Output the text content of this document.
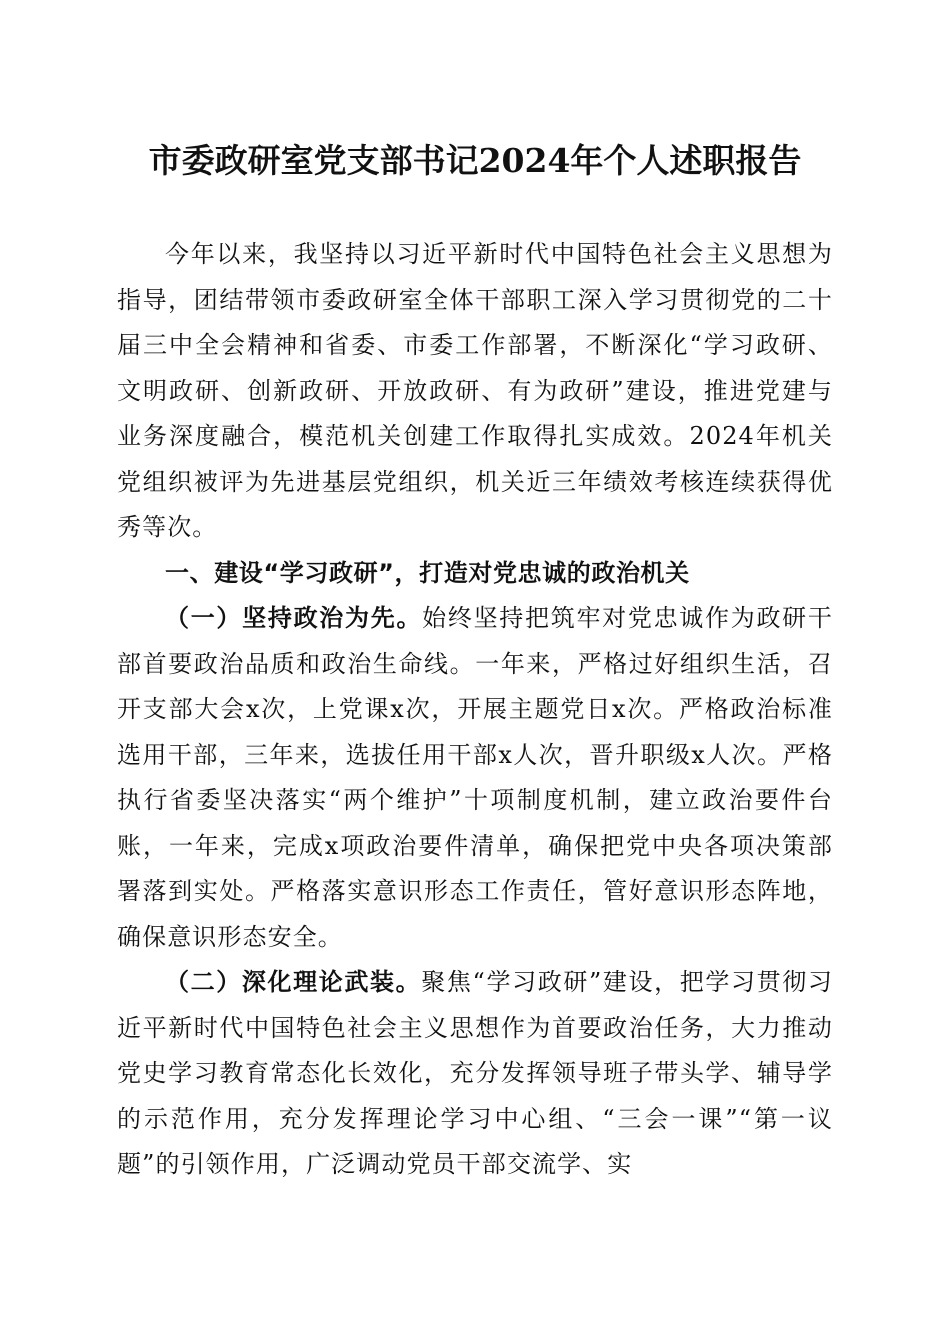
市委政研室党支部书记2024年个人述职报告

今年以来，我坚持以习近平新时代中国特色社会主义思想为指导，团结带领市委政研室全体干部职工深入学习贯彻党的二十届三中全会精神和省委、市委工作部署，不断深化“学习政研、文明政研、创新政研、开放政研、有为政研”建设，推进党建与业务深度融合，模范机关创建工作取得扎实成效。2024年机关党组织被评为先进基层党组织，机关近三年绩效考核连续获得优秀等次。

一、建设“学习政研”，打造对党忠诚的政治机关

（一）坚持政治为先。始终坚持把筑牢对党忠诚作为政研干部首要政治品质和政治生命线。一年来，严格过好组织生活，召开支部大会x次，上党课x次，开展主题党日x次。严格政治标准选用干部，三年来，选拔任用干部x人次，晋升职级x人次。严格执行省委坚决落实“两个维护”十项制度机制，建立政治要件台账，一年来，完成x项政治要件清单，确保把党中央各项决策部署落到实处。严格落实意识形态工作责任，管好意识形态阵地，确保意识形态安全。

（二）深化理论武装。聚焦“学习政研”建设，把学习贯彻习近平新时代中国特色社会主义思想作为首要政治任务，大力推动党史学习教育常态化长效化，充分发挥领导班子带头学、辅导学的示范作用，充分发挥理论学习中心组、“三会一课”“第一议题”的引领作用，广泛调动党员干部交流学、实
